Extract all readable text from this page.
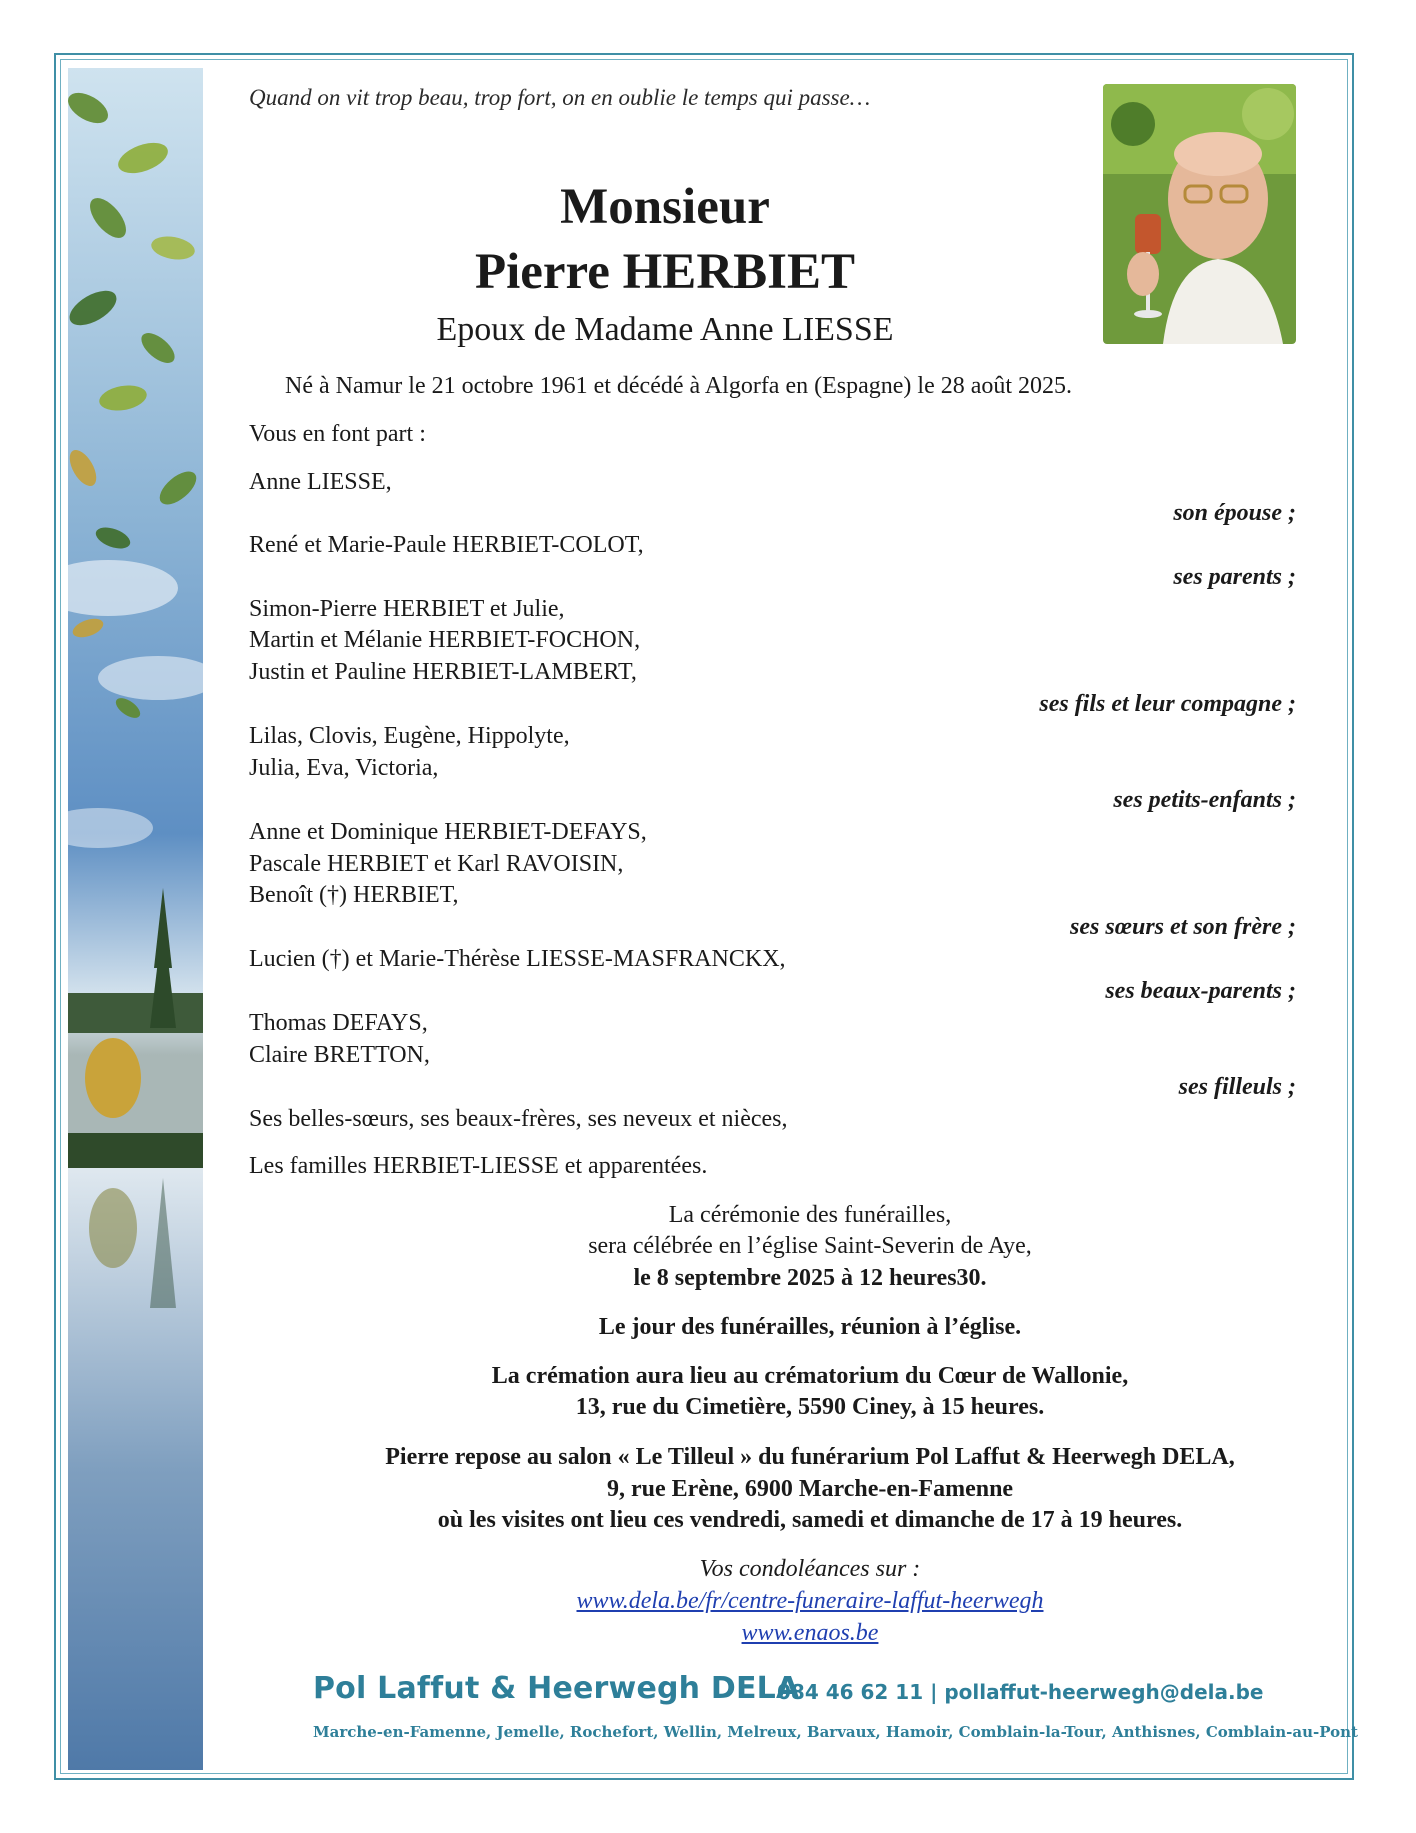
Quand on vit trop beau, trop fort, on en oublie le temps qui passe…
Monsieur
Pierre HERBIET
Epoux de Madame Anne LIESSE
Né à Namur le 21 octobre 1961 et décédé à Algorfa en (Espagne) le 28 août 2025.
Vous en font part :
Anne LIESSE,
son épouse ;
René et Marie-Paule HERBIET-COLOT,
ses parents ;
Simon-Pierre HERBIET et Julie,
Martin et Mélanie HERBIET-FOCHON,
Justin et Pauline HERBIET-LAMBERT,
ses fils et leur compagne ;
Lilas, Clovis, Eugène, Hippolyte,
Julia, Eva, Victoria,
ses petits-enfants ;
Anne et Dominique HERBIET-DEFAYS,
Pascale HERBIET et Karl RAVOISIN,
Benoît (†) HERBIET,
ses sœurs et son frère ;
Lucien (†) et Marie-Thérèse LIESSE-MASFRANCKX,
ses beaux-parents ;
Thomas DEFAYS,
Claire BRETTON,
ses filleuls ;
Ses belles-sœurs, ses beaux-frères, ses neveux et nièces,
Les familles HERBIET-LIESSE et apparentées.
La cérémonie des funérailles,
sera célébrée en l’église Saint-Severin de Aye,
le 8 septembre 2025 à 12 heures30.
Le jour des funérailles, réunion à l’église.
La crémation aura lieu au crématorium du Cœur de Wallonie,
13, rue du Cimetière, 5590 Ciney, à 15 heures.
Pierre repose au salon « Le Tilleul » du funérarium Pol Laffut & Heerwegh DELA,
9, rue Erène, 6900 Marche-en-Famenne
où les visites ont lieu ces vendredi, samedi et dimanche de 17 à 19 heures.
Vos condoléances sur :
www.dela.be/fr/centre-funeraire-laffut-heerwegh
www.enaos.be
Pol Laffut & Heerwegh DELA
084 46 62 11 | pollaffut-heerwegh@dela.be
Marche-en-Famenne, Jemelle, Rochefort, Wellin, Melreux, Barvaux, Hamoir, Comblain-la-Tour, Anthisnes, Comblain-au-Pont
